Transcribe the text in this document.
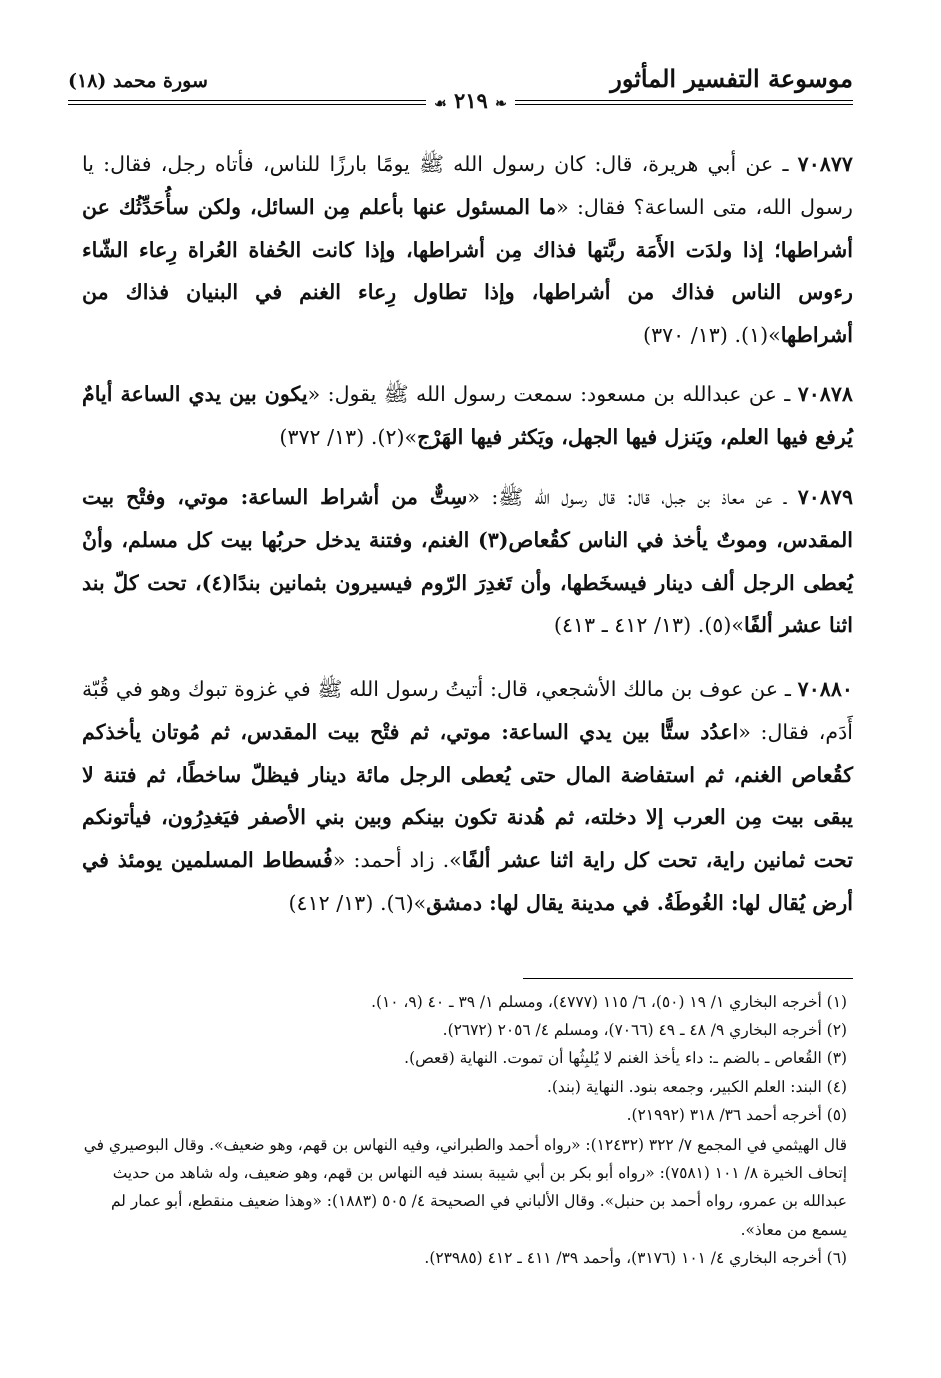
موسوعة التفسير المأثور
سورة محمد (١٨)
❧ ٢١٩ ☙
٧٠٨٧٧ ـ عن أبي هريرة، قال: كان رسول الله ﷺ يومًا بارزًا للناس، فأتاه رجل، فقال: يا رسول الله، متى الساعة؟ فقال: «ما المسئول عنها بأعلم مِن السائل، ولكن سأُحَدِّثُك عن أشراطها؛ إذا ولدَت الأَمَة ربَّتها فذاك مِن أشراطها، وإذا كانت الحُفاة العُراة رِعاء الشّاء رءوس الناس فذاك من أشراطها، وإذا تطاول رِعاء الغنم في البنيان فذاك من أشراطها»(١). (١٣/ ٣٧٠)
٧٠٨٧٨ ـ عن عبدالله بن مسعود: سمعت رسول الله ﷺ يقول: «يكون بين يدي الساعة أيامٌ يُرفع فيها العلم، ويَنزل فيها الجهل، ويَكثر فيها الهَرْج»(٢). (١٣/ ٣٧٢)
٧٠٨٧٩ ـ عن معاذ بن جبل، قال: قال رسول الله ﷺ: «سِتٌّ من أشراط الساعة: موتي، وفتْح بيت المقدس، وموتٌ يأخذ في الناس كقُعاص(٣) الغنم، وفتنة يدخل حربُها بيت كل مسلم، وأنْ يُعطى الرجل ألف دينار فيسخَطها، وأن تَغدِرَ الرّوم فيسيرون بثمانين بندًا(٤)، تحت كلّ بند اثنا عشر ألفًا»(٥). (١٣/ ٤١٢ ـ ٤١٣)
٧٠٨٨٠ ـ عن عوف بن مالك الأشجعي، قال: أتيتُ رسول الله ﷺ في غزوة تبوك وهو في قُبّة أَدَم، فقال: «اعدُد ستًّا بين يدي الساعة: موتي، ثم فتْح بيت المقدس، ثم مُوتان يأخذكم كقُعاص الغنم، ثم استفاضة المال حتى يُعطى الرجل مائة دينار فيظلّ ساخطًا، ثم فتنة لا يبقى بيت مِن العرب إلا دخلته، ثم هُدنة تكون بينكم وبين بني الأصفر فيَغدِرُون، فيأتونكم تحت ثمانين راية، تحت كل راية اثنا عشر ألفًا». زاد أحمد: «فُسطاط المسلمين يومئذ في أرض يُقال لها: الغُوطَةُ. في مدينة يقال لها: دمشق»(٦). (١٣/ ٤١٢)

(١) أخرجه البخاري ١/ ١٩ (٥٠)، ٦/ ١١٥ (٤٧٧٧)، ومسلم ١/ ٣٩ ـ ٤٠ (٩، ١٠).

(٢) أخرجه البخاري ٩/ ٤٨ ـ ٤٩ (٧٠٦٦)، ومسلم ٤/ ٢٠٥٦ (٢٦٧٢).

(٣) القُعاص ـ بالضم ـ: داء يأخذ الغنم لا يُلبِثُها أن تموت. النهاية (قعص).

(٤) البند: العلم الكبير، وجمعه بنود. النهاية (بند).

(٥) أخرجه أحمد ٣٦/ ٣١٨ (٢١٩٩٢).

قال الهيثمي في المجمع ٧/ ٣٢٢ (١٢٤٣٢): «رواه أحمد والطبراني، وفيه النهاس بن قهم، وهو ضعيف». وقال البوصيري في إتحاف الخيرة ٨/ ١٠١ (٧٥٨١): «رواه أبو بكر بن أبي شيبة بسند فيه النهاس بن قهم، وهو ضعيف، وله شاهد من حديث عبدالله بن عمرو، رواه أحمد بن حنبل». وقال الألباني في الصحيحة ٤/ ٥٠٥ (١٨٨٣): «وهذا ضعيف منقطع، أبو عمار لم يسمع من معاذ».

(٦) أخرجه البخاري ٤/ ١٠١ (٣١٧٦)، وأحمد ٣٩/ ٤١١ ـ ٤١٢ (٢٣٩٨٥).
